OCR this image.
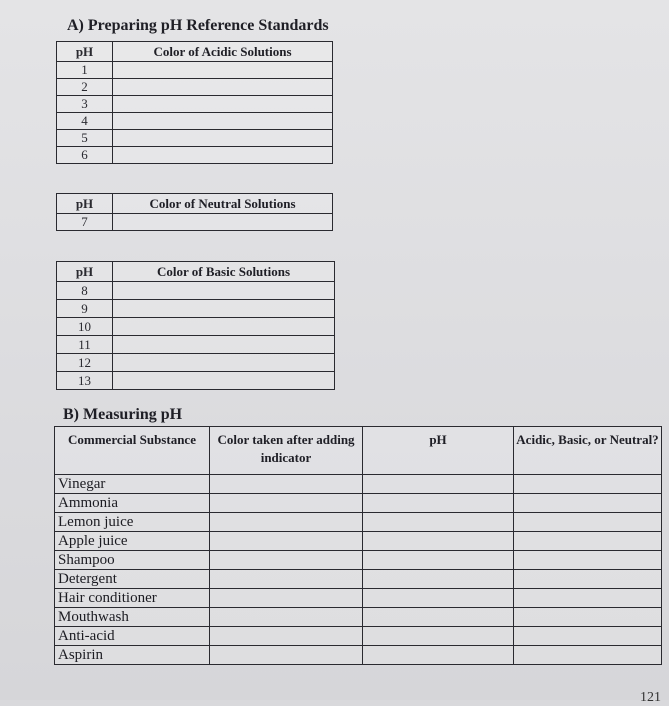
A) Preparing pH Reference Standards
pH	Color of Acidic Solutions
1	
2	
3	
4	
5	
6	
pH	Color of Neutral Solutions
7	
pH	Color of Basic Solutions
8	
9	
10	
11	
12	
13	
B) Measuring pH
Commercial Substance	Color taken after adding indicator	pH	Acidic, Basic, or Neutral?
Vinegar			
Ammonia			
Lemon juice			
Apple juice			
Shampoo			
Detergent			
Hair conditioner			
Mouthwash			
Anti-acid			
Aspirin			
121
